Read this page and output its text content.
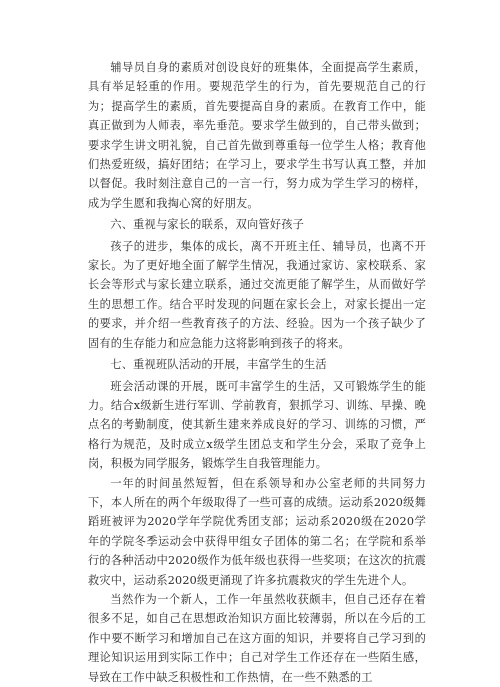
辅导员自身的素质对创设良好的班集体，全面提高学生素质，具有举足轻重的作用。要规范学生的行为，首先要规范自己的行为；提高学生的素质，首先要提高自身的素质。在教育工作中，能真正做到为人师表，率先垂范。要求学生做到的，自己带头做到；要求学生讲文明礼貌，自己首先做到尊重每一位学生人格；教育他们热爱班级，搞好团结；在学习上，要求学生书写认真工整，并加以督促。我时刻注意自己的一言一行，努力成为学生学习的榜样，成为学生愿和我掏心窝的好朋友。

六、重视与家长的联系，双向管好孩子

孩子的进步，集体的成长，离不开班主任、辅导员，也离不开家长。为了更好地全面了解学生情况，我通过家访、家校联系、家长会等形式与家长建立联系，通过交流更能了解学生，从而做好学生的思想工作。结合平时发现的问题在家长会上，对家长提出一定的要求，并介绍一些教育孩子的方法、经验。因为一个孩子缺少了固有的生存能力和应急能力这将影响到孩子的将来。

七、重视班队活动的开展，丰富学生的生活

班会活动课的开展，既可丰富学生的生活，又可锻炼学生的能力。结合x级新生进行军训、学前教育，狠抓学习、训练、早操、晚点名的考勤制度，使其新生建来养成良好的学习、训练的习惯，严格行为规范，及时成立x级学生团总支和学生分会，采取了竞争上岗，积极为同学服务，锻炼学生自我管理能力。

一年的时间虽然短暂，但在系领导和办公室老师的共同努力下，本人所在的两个年级取得了一些可喜的成绩。运动系2020级舞蹈班被评为2020学年学院优秀团支部；运动系2020级在2020学年的学院冬季运动会中获得甲组女子团体的第二名；在学院和系举行的各种活动中2020级作为低年级也获得一些奖项；在这次的抗震救灾中，运动系2020级更涌现了许多抗震救灾的学生先进个人。

当然作为一个新人，工作一年虽然收获颇丰，但自己还存在着很多不足，如自己在思想政治知识方面比较薄弱，所以在今后的工作中要不断学习和增加自己在这方面的知识，并要将自己学习到的理论知识运用到实际工作中；自己对学生工作还存在一些陌生感，导致在工作中缺乏积极性和工作热情，在一些不熟悉的工
